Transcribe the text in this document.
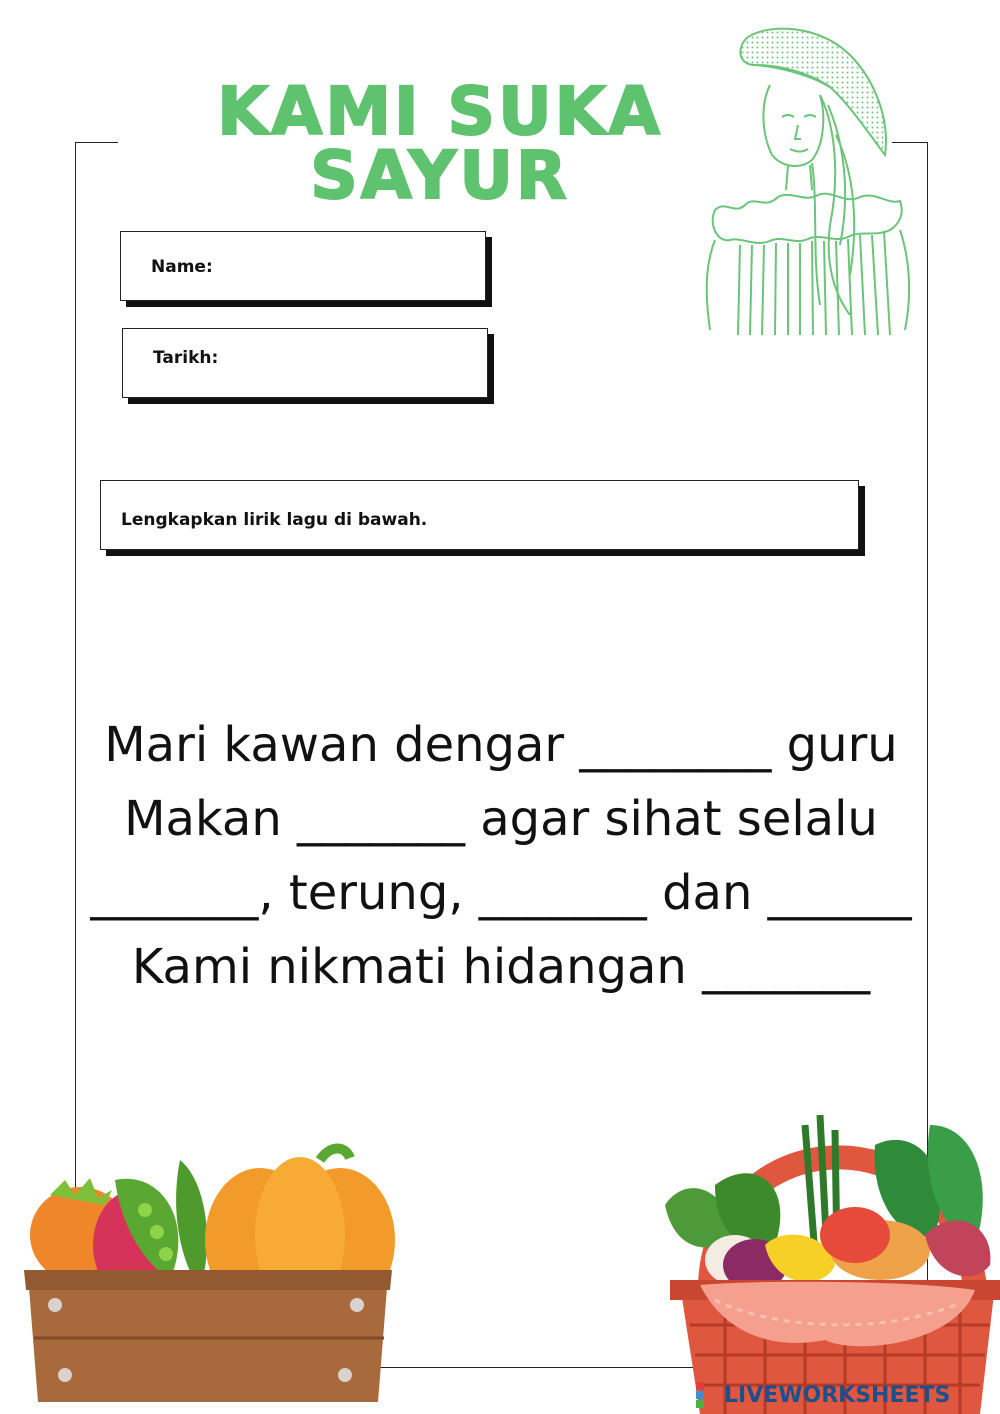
KAMI SUKA
SAYUR
Name:
Tarikh:
Lengkapkan lirik lagu di bawah.
Mari kawan dengar ________ guru
Makan _______ agar sihat selalu
_______, terung, _______ dan ______
Kami nikmati hidangan _______
LIVEWORKSHEETS
